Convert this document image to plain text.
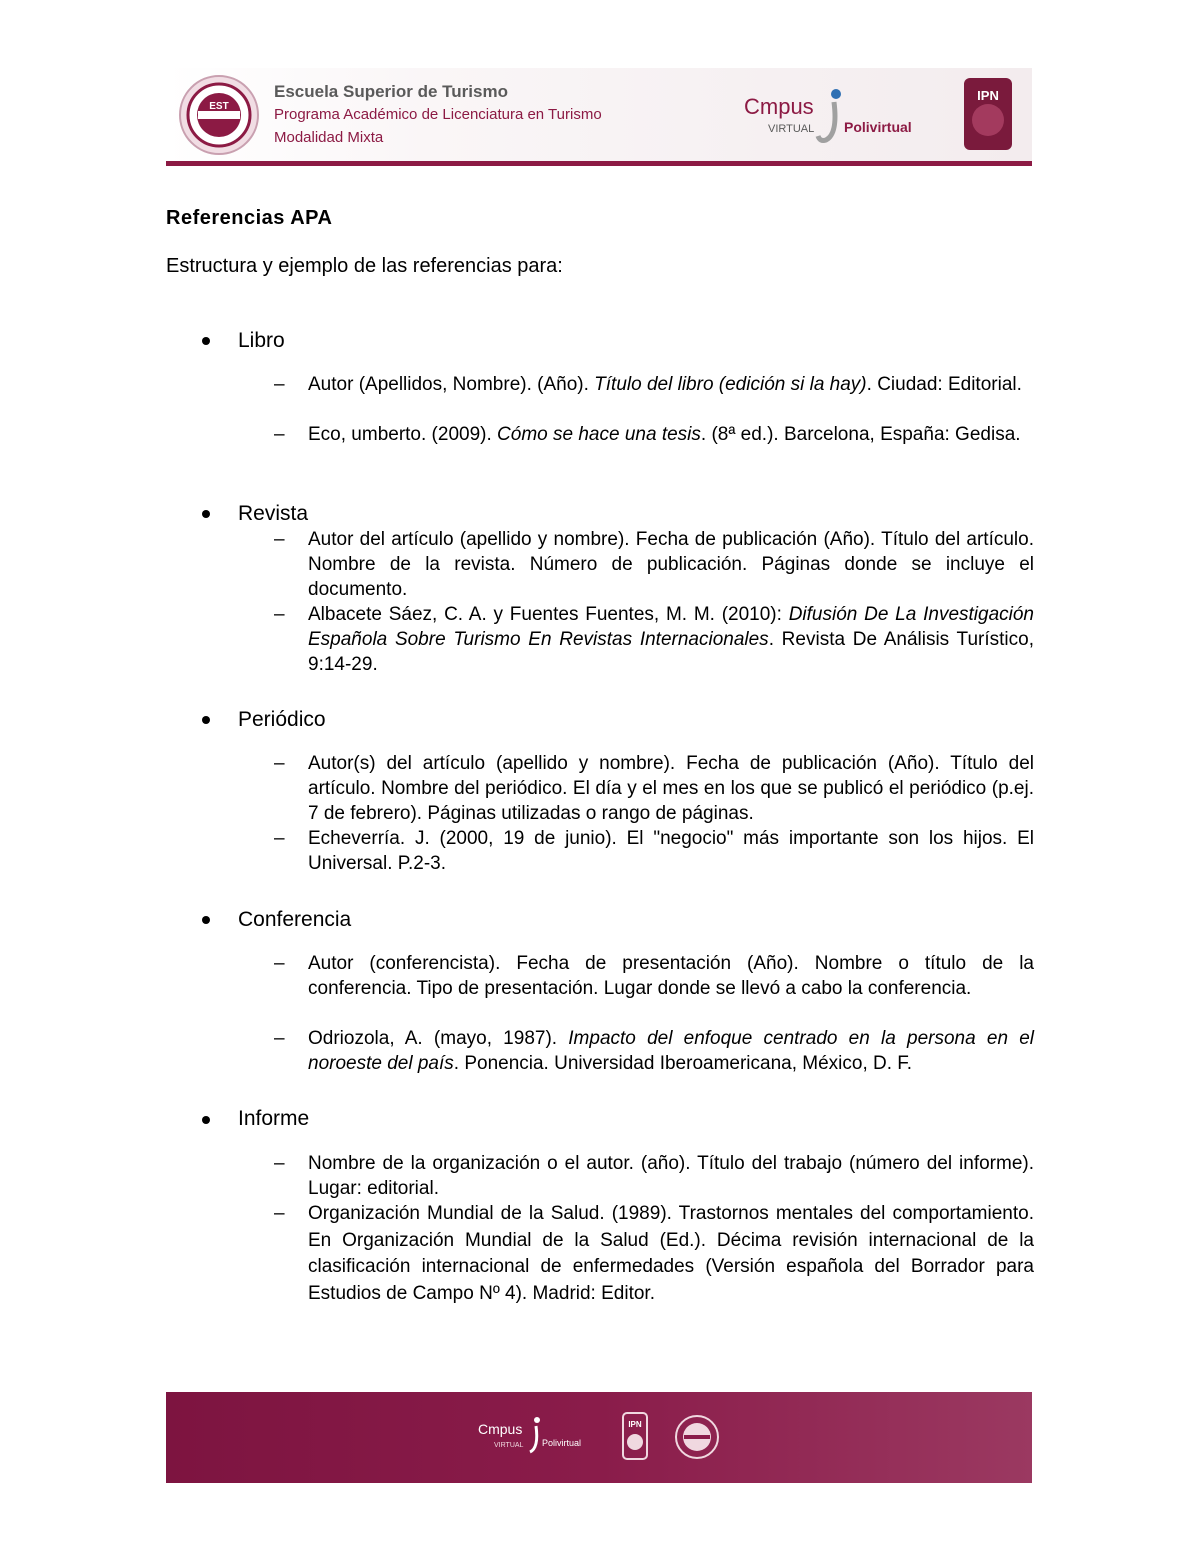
EST
Escuela Superior de Turismo
Programa Académico de Licenciatura en Turismo
Modalidad Mixta
Cmpus
VIRTUAL Polivirtual
IPN
Referencias APA
Estructura y ejemplo de las referencias para:
Libro
– Autor (Apellidos, Nombre). (Año). Título del libro (edición si la hay). Ciudad: Editorial.
– Eco, umberto. (2009). Cómo se hace una tesis. (8ª ed.). Barcelona, España: Gedisa.
Revista
– Autor del artículo (apellido y nombre). Fecha de publicación (Año). Título del artículo. Nombre de la revista. Número de publicación. Páginas donde se incluye el documento.
– Albacete Sáez, C. A. y Fuentes Fuentes, M. M. (2010): Difusión De La Investigación Española Sobre Turismo En Revistas Internacionales. Revista De Análisis Turístico, 9:14-29.
Periódico
– Autor(s) del artículo (apellido y nombre). Fecha de publicación (Año). Título del artículo. Nombre del periódico. El día y el mes en los que se publicó el periódico (p.ej. 7 de febrero). Páginas utilizadas o rango de páginas.
– Echeverría. J. (2000, 19 de junio). El "negocio" más importante son los hijos. El Universal. P.2-3.
Conferencia
– Autor (conferencista). Fecha de presentación (Año). Nombre o título de la conferencia. Tipo de presentación. Lugar donde se llevó a cabo la conferencia.
– Odriozola, A. (mayo, 1987). Impacto del enfoque centrado en la persona en el noroeste del país. Ponencia. Universidad Iberoamericana, México, D. F.
Informe
– Nombre de la organización o el autor. (año). Título del trabajo (número del informe). Lugar: editorial.
– Organización Mundial de la Salud. (1989). Trastornos mentales del comportamiento. En Organización Mundial de la Salud (Ed.). Décima revisión internacional de la clasificación internacional de enfermedades (Versión española del Borrador para Estudios de Campo Nº 4). Madrid: Editor.
Cmpus
VIRTUAL Polivirtual
IPN
